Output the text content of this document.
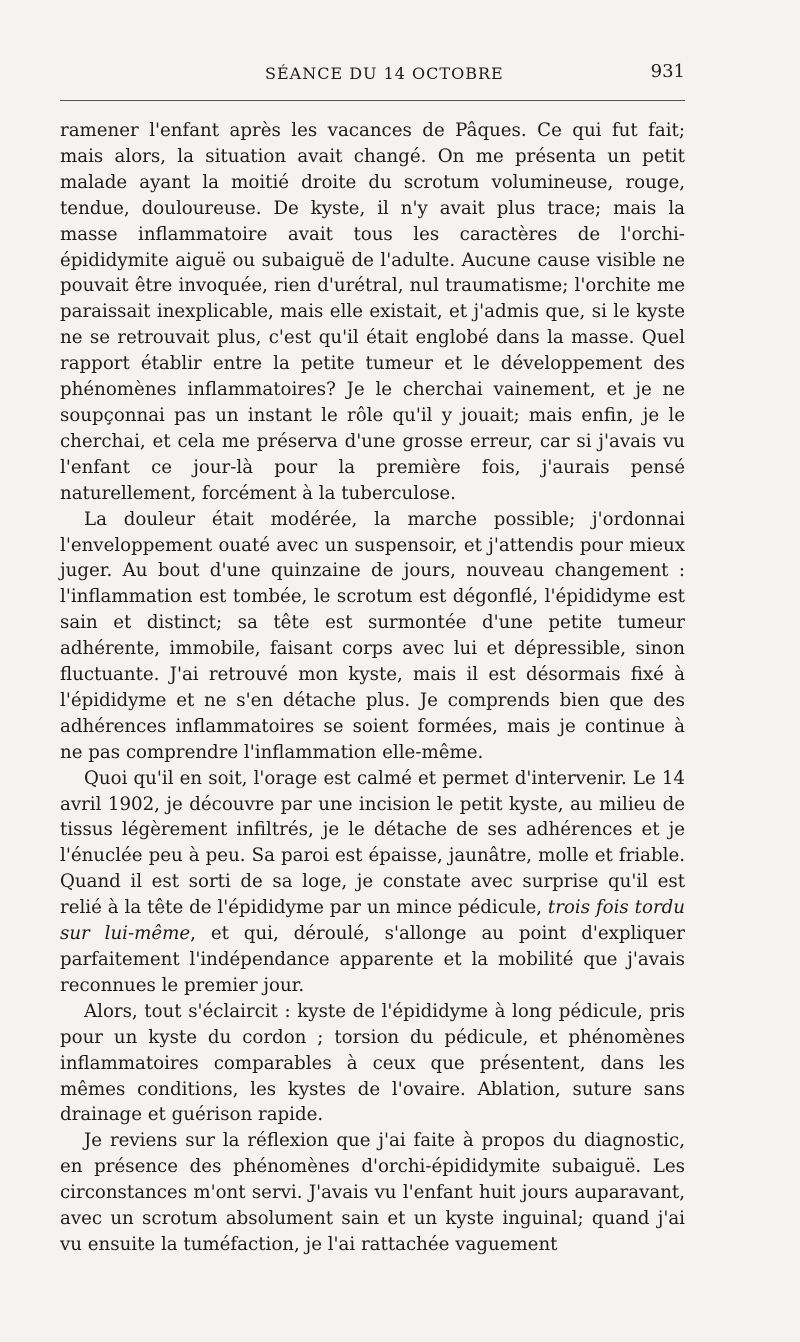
SÉANCE DU 14 OCTOBRE	931

ramener l'enfant après les vacances de Pâques. Ce qui fut fait; mais alors, la situation avait changé. On me présenta un petit malade ayant la moitié droite du scrotum volumineuse, rouge, tendue, douloureuse. De kyste, il n'y avait plus trace; mais la masse inflammatoire avait tous les caractères de l'orchi-épididymite aiguë ou subaiguë de l'adulte. Aucune cause visible ne pouvait être invoquée, rien d'urétral, nul traumatisme; l'orchite me paraissait inexplicable, mais elle existait, et j'admis que, si le kyste ne se retrouvait plus, c'est qu'il était englobé dans la masse. Quel rapport établir entre la petite tumeur et le développement des phénomènes inflammatoires? Je le cherchai vainement, et je ne soupçonnai pas un instant le rôle qu'il y jouait; mais enfin, je le cherchai, et cela me préserva d'une grosse erreur, car si j'avais vu l'enfant ce jour-là pour la première fois, j'aurais pensé naturellement, forcément à la tuberculose.

La douleur était modérée, la marche possible; j'ordonnai l'enveloppement ouaté avec un suspensoir, et j'attendis pour mieux juger. Au bout d'une quinzaine de jours, nouveau changement : l'inflammation est tombée, le scrotum est dégonflé, l'épididyme est sain et distinct; sa tête est surmontée d'une petite tumeur adhérente, immobile, faisant corps avec lui et dépressible, sinon fluctuante. J'ai retrouvé mon kyste, mais il est désormais fixé à l'épididyme et ne s'en détache plus. Je comprends bien que des adhérences inflammatoires se soient formées, mais je continue à ne pas comprendre l'inflammation elle-même.

Quoi qu'il en soit, l'orage est calmé et permet d'intervenir. Le 14 avril 1902, je découvre par une incision le petit kyste, au milieu de tissus légèrement infiltrés, je le détache de ses adhérences et je l'énuclée peu à peu. Sa paroi est épaisse, jaunâtre, molle et friable. Quand il est sorti de sa loge, je constate avec surprise qu'il est relié à la tête de l'épididyme par un mince pédicule, trois fois tordu sur lui-même, et qui, déroulé, s'allonge au point d'expliquer parfaitement l'indépendance apparente et la mobilité que j'avais reconnues le premier jour.

Alors, tout s'éclaircit : kyste de l'épididyme à long pédicule, pris pour un kyste du cordon ; torsion du pédicule, et phénomènes inflammatoires comparables à ceux que présentent, dans les mêmes conditions, les kystes de l'ovaire. Ablation, suture sans drainage et guérison rapide.

Je reviens sur la réflexion que j'ai faite à propos du diagnostic, en présence des phénomènes d'orchi-épididymite subaiguë. Les circonstances m'ont servi. J'avais vu l'enfant huit jours auparavant, avec un scrotum absolument sain et un kyste inguinal; quand j'ai vu ensuite la tuméfaction, je l'ai rattachée vaguement
